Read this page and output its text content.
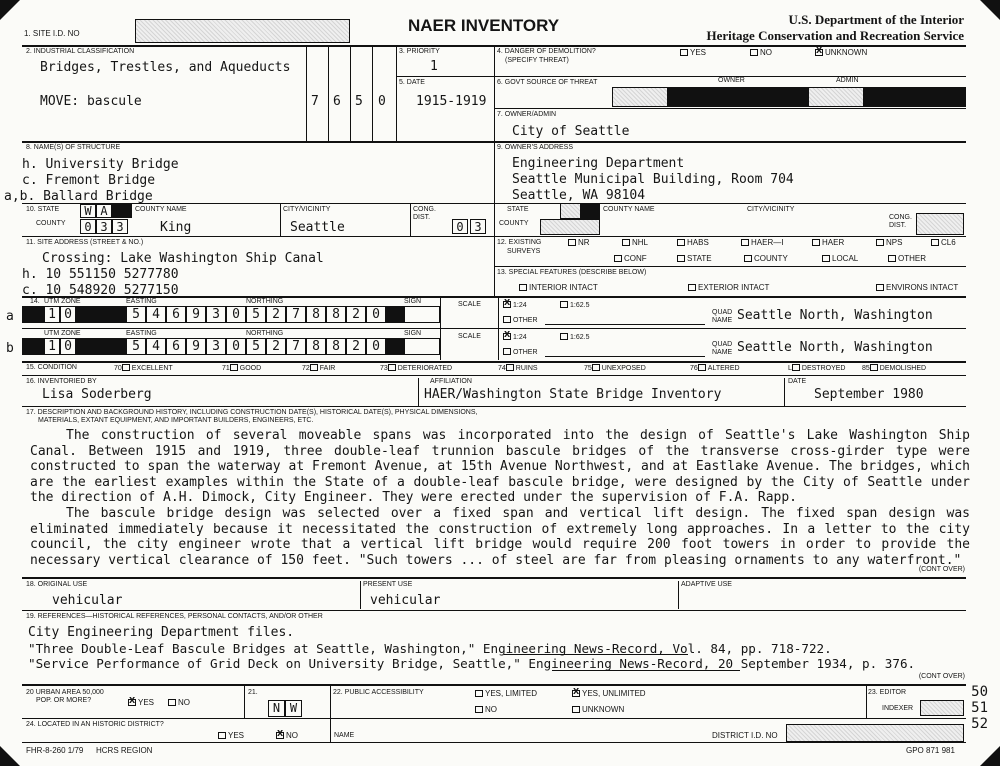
1. SITE I.D. NO	NAER INVENTORY	U.S. Department of the Interior
Heritage Conservation and Recreation Service
2. INDUSTRIAL CLASSIFICATION
Bridges, Trestles, and Aqueducts
MOVE: bascule	7 6 5 0
3. PRIORITY
1
5. DATE
1915-1919
4. DANGER OF DEMOLITION?
(SPECIFY THREAT)
YES	NO X	UNKNOWN
6. GOVT SOURCE OF THREAT	OWNER	ADMIN
7. OWNER/ADMIN
City of Seattle
8. NAME(S) OF STRUCTURE
h. University Bridge
c. Fremont Bridge
a,b. Ballard Bridge
9. OWNER'S ADDRESS
Engineering Department
Seattle Municipal Building, Room 704
Seattle, WA 98104
10. STATE	W A
COUNTY	0 3 3
COUNTY NAME
King
CITY/VICINITY
Seattle
CONG.
DIST.
0 3
STATE
COUNTY
COUNTY NAME	CITY/VICINITY
CONG.
DIST.
11. SITE ADDRESS (STREET & NO.)
Crossing: Lake Washington Ship Canal
h. 10 551150 5277780
c. 10 548920 5277150
12. EXISTING
SURVEYS
NR	NHL	HABS	HAER—I	HAER	NPS	CL6
CONF	STATE	COUNTY	LOCAL	OTHER
13. SPECIAL FEATURES (DESCRIBE BELOW)
INTERIOR INTACT	EXTERIOR INTACT	ENVIRONS INTACT
a
14. UTM ZONE	EASTING	NORTHING	SIGN
1 0	5 4 6 9 3 0 5 2 7 8 8 2 0
SCALE X	1:24	1:62.5
OTHER
QUAD
NAME Seattle North, Washington
b
UTM ZONE	EASTING	NORTHING	SIGN
1 0	5 4 6 9 3 0 5 2 7 8 8 2 0
SCALE X	1:24	1:62.5
OTHER
QUAD
NAME Seattle North, Washington
15. CONDITION	70 EXCELLENT	71 GOOD	72 FAIR	73 DETERIORATED	74 RUINS	75 UNEXPOSED	76 ALTERED	L DESTROYED 85 DEMOLISHED
16. INVENTORIED BY
Lisa Soderberg
AFFILIATION
HAER/Washington State Bridge Inventory
DATE
September 1980
17. DESCRIPTION AND BACKGROUND HISTORY, INCLUDING CONSTRUCTION DATE(S), HISTORICAL DATE(S), PHYSICAL DIMENSIONS,
MATERIALS, EXTANT EQUIPMENT, AND IMPORTANT BUILDERS, ENGINEERS, ETC.
The construction of several moveable spans was incorporated into the design of Seattle's Lake Washington Ship Canal. Between 1915 and 1919, three double-leaf trunnion bascule bridges of the transverse cross-girder type were constructed to span the waterway at Fremont Avenue, at 15th Avenue Northwest, and at Eastlake Avenue. The bridges, which are the earliest examples within the State of a double-leaf bascule bridge, were designed by the City of Seattle under the direction of A.H. Dimock, City Engineer. They were erected under the supervision of F.A. Rapp.
The bascule bridge design was selected over a fixed span and vertical lift design. The fixed span design was eliminated immediately because it necessitated the construction of extremely long approaches. In a letter to the city council, the city engineer wrote that a vertical lift bridge would require 200 foot towers in order to provide the necessary vertical clearance of 150 feet. "Such towers ... of steel are far from pleasing ornaments to any waterfront."
(CONT OVER)
18. ORIGINAL USE
vehicular
PRESENT USE
vehicular
ADAPTIVE USE
19. REFERENCES—HISTORICAL REFERENCES, PERSONAL CONTACTS, AND/OR OTHER
City Engineering Department files.
"Three Double-Leaf Bascule Bridges at Seattle, Washington," Engineering News-Record, Vol. 84, pp. 718-722.
"Service Performance of Grid Deck on University Bridge, Seattle," Engineering News-Record, 20 September 1934, p. 376.
(CONT OVER)
20 URBAN AREA 50,000
POP. OR MORE? X	YES	NO
21.
N W
22. PUBLIC ACCESSIBILITY	YES, LIMITED X	YES, UNLIMITED
NO	UNKNOWN
23. EDITOR
INDEXER
24. LOCATED IN AN HISTORIC DISTRICT?
YES X	NO	NAME	DISTRICT I.D. NO
FHR-8-260 1/79 HCRS REGION	GPO 871 981
50
51
52
